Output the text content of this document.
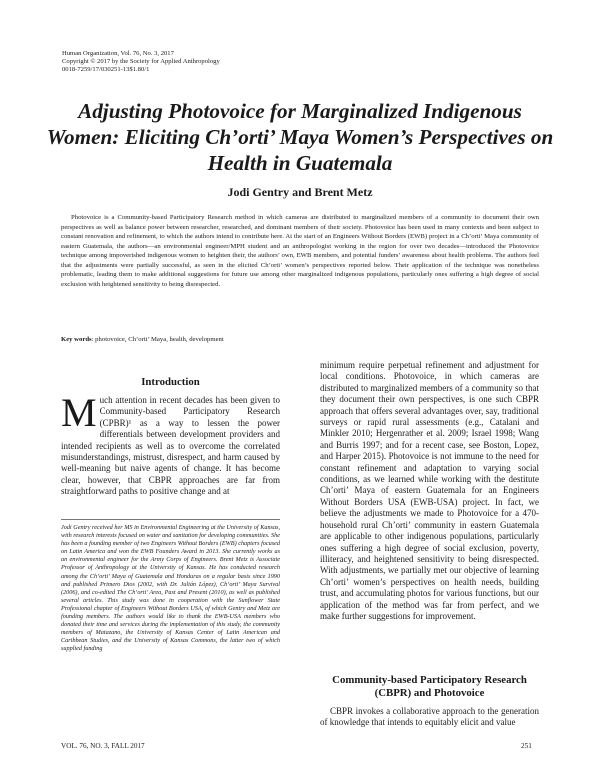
Human Organization, Vol. 76, No. 3, 2017
Copyright © 2017 by the Society for Applied Anthropology
0018-7259/17/030251-13$1.80/1
Adjusting Photovoice for Marginalized Indigenous Women: Eliciting Ch’orti’ Maya Women’s Perspectives on Health in Guatemala
Jodi Gentry and Brent Metz

Photovoice is a Community-based Participatory Research method in which cameras are distributed to marginalized members of a community to document their own perspectives as well as balance power between researcher, researched, and dominant members of their society. Photovoice has been used in many contexts and been subject to constant renovation and refinement, to which the authors intend to contribute here. At the start of an Engineers Without Borders (EWB) project in a Ch’orti’ Maya community of eastern Guatemala, the authors—an environmental engineer/MPH student and an anthropologist working in the region for over two decades—introduced the Photovoice technique among impoverished indigenous women to heighten their, the authors’ own, EWB members, and potential funders’ awareness about health problems. The authors feel that the adjustments were partially successful, as seen in the elicited Ch’orti’ women’s perspectives reported below. Their application of the technique was nonetheless problematic, leading them to make additional suggestions for future use among other marginalized indigenous populations, particularly ones suffering a high degree of social exclusion with heightened sensitivity to being disrespected.

Key words: photovoice, Ch’orti’ Maya, health, development
Introduction

Much attention in recent decades has been given to Community-based Participatory Research (CPBR)¹ as a way to lessen the power differentials between development providers and intended recipients as well as to overcome the correlated misunderstandings, mistrust, disrespect, and harm caused by well-meaning but naive agents of change. It has become clear, however, that CBPR approaches are far from straightforward paths to positive change and at

Jodi Gentry received her MS in Environmental Engineering at the University of Kansas, with research interests focused on water and sanitation for developing communities. She has been a founding member of two Engineers Without Borders (EWB) chapters focused on Latin America and won the EWB Founders Award in 2013. She currently works as an environmental engineer for the Army Corps of Engineers. Brent Metz is Associate Professor of Anthropology at the University of Kansas. He has conducted research among the Ch’orti’ Maya of Guatemala and Honduras on a regular basis since 1990 and published Primero Dios (2002, with Dr. Julián López), Ch’orti’ Maya Survival (2006), and co-edited The Ch’orti’ Area, Past and Present (2010), as well as published several articles. This study was done in cooperation with the Sunflower State Professional chapter of Engineers Without Borders USA, of which Gentry and Metz are founding members. The authors would like to thank the EWB-USA members who donated their time and services during the implementation of this study, the community members of Matazano, the University of Kansas Center of Latin American and Caribbean Studies, and the University of Kansas Commons, the latter two of which supplied funding

minimum require perpetual refinement and adjustment for local conditions. Photovoice, in which cameras are distributed to marginalized members of a community so that they document their own perspectives, is one such CBPR approach that offers several advantages over, say, traditional surveys or rapid rural assessments (e.g., Catalani and Minkler 2010; Hergenrather et al. 2009; Israel 1998; Wang and Burris 1997; and for a recent case, see Boston, Lopez, and Harper 2015). Photovoice is not immune to the need for constant refinement and adaptation to varying social conditions, as we learned while working with the destitute Ch’orti’ Maya of eastern Guatemala for an Engineers Without Borders USA (EWB-USA) project. In fact, we believe the adjustments we made to Photovoice for a 470-household rural Ch’orti’ community in eastern Guatemala are applicable to other indigenous populations, particularly ones suffering a high degree of social exclusion, poverty, illiteracy, and heightened sensitivity to being disrespected. With adjustments, we partially met our objective of learning Ch’orti’ women’s perspectives on health needs, building trust, and accumulating photos for various functions, but our application of the method was far from perfect, and we make further suggestions for improvement.

Community-based Participatory Research (CBPR) and Photovoice

CBPR invokes a collaborative approach to the generation of knowledge that intends to equitably elicit and value

VOL. 76, NO. 3, FALL 2017	251
